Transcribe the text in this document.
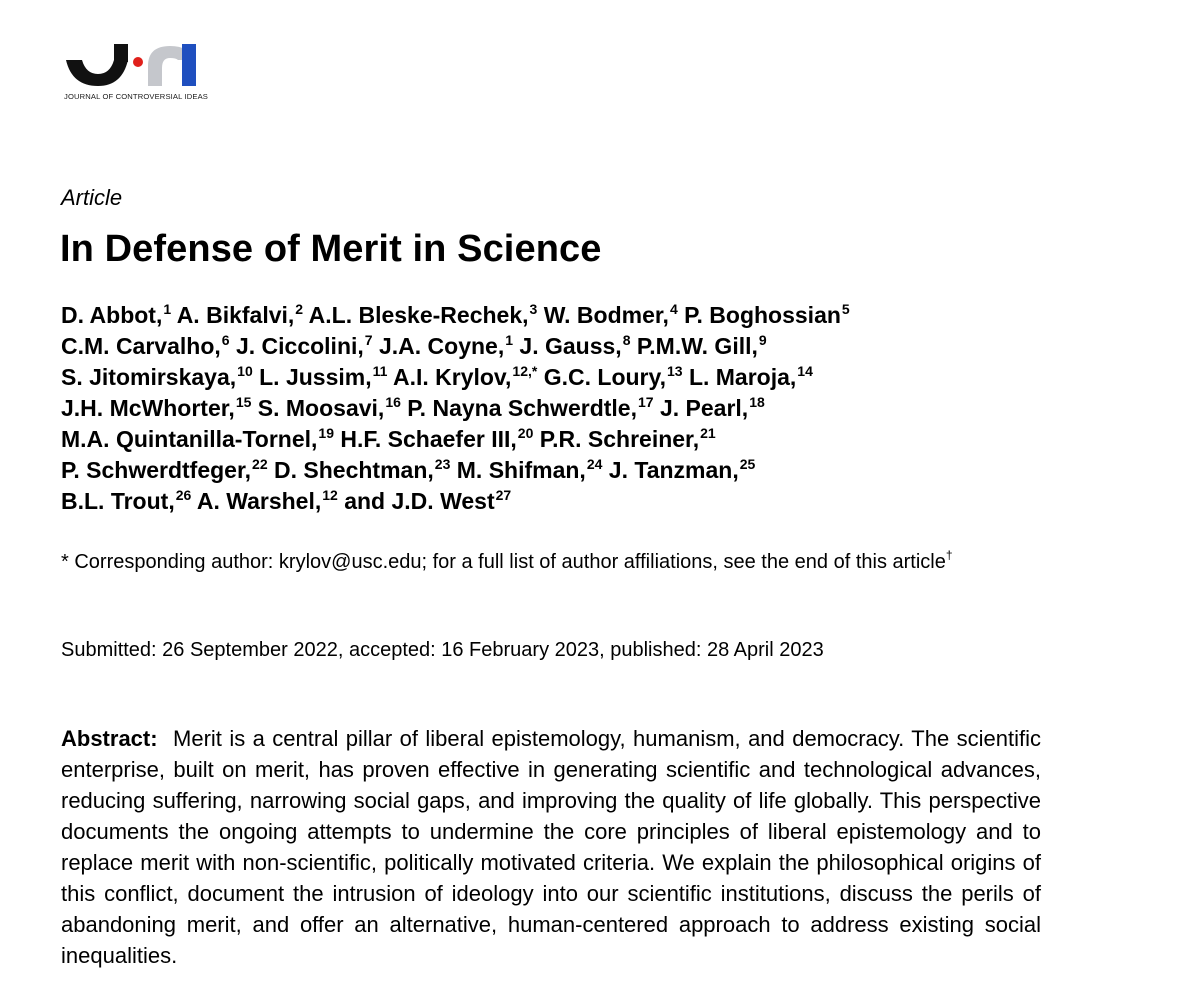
JOURNAL OF CONTROVERSIAL IDEAS
Article
In Defense of Merit in Science
D. Abbot,$^1$ A. Bikfalvi,$^2$ A.L. Bleske-Rechek,$^3$ W. Bodmer,$^4$ P. Boghossian$^5$
C.M. Carvalho,$^6$ J. Ciccolini,$^7$ J.A. Coyne,$^1$ J. Gauss,$^8$ P.M.W. Gill,$^9$
S. Jitomirskaya,$^{10}$ L. Jussim,$^{11}$ A.I. Krylov,$^{12,*}$ G.C. Loury,$^{13}$ L. Maroja,$^{14}$
J.H. McWhorter,$^{15}$ S. Moosavi,$^{16}$ P. Nayna Schwerdtle,$^{17}$ J. Pearl,$^{18}$
M.A. Quintanilla-Tornel,$^{19}$ H.F. Schaefer III,$^{20}$ P.R. Schreiner,$^{21}$
P. Schwerdtfeger,$^{22}$ D. Shechtman,$^{23}$ M. Shifman,$^{24}$ J. Tanzman,$^{25}$
B.L. Trout,$^{26}$ A. Warshel,$^{12}$ and J.D. West$^{27}$
* Corresponding author: krylov@usc.edu; for a full list of author affiliations, see the end of this article†
Submitted: 26 September 2022, accepted: 16 February 2023, published: 28 April 2023
Abstract: Merit is a central pillar of liberal epistemology, humanism, and democracy. The scientific enterprise, built on merit, has proven effective in generating scientific and technological advances, reducing suffering, narrowing social gaps, and improving the quality of life globally. This perspective documents the ongoing attempts to undermine the core principles of liberal epistemology and to replace merit with non-scientific, politically motivated criteria. We explain the philosophical origins of this conflict, document the intrusion of ideology into our scientific institutions, discuss the perils of abandoning merit, and offer an alternative, human-centered approach to address existing social inequalities.
